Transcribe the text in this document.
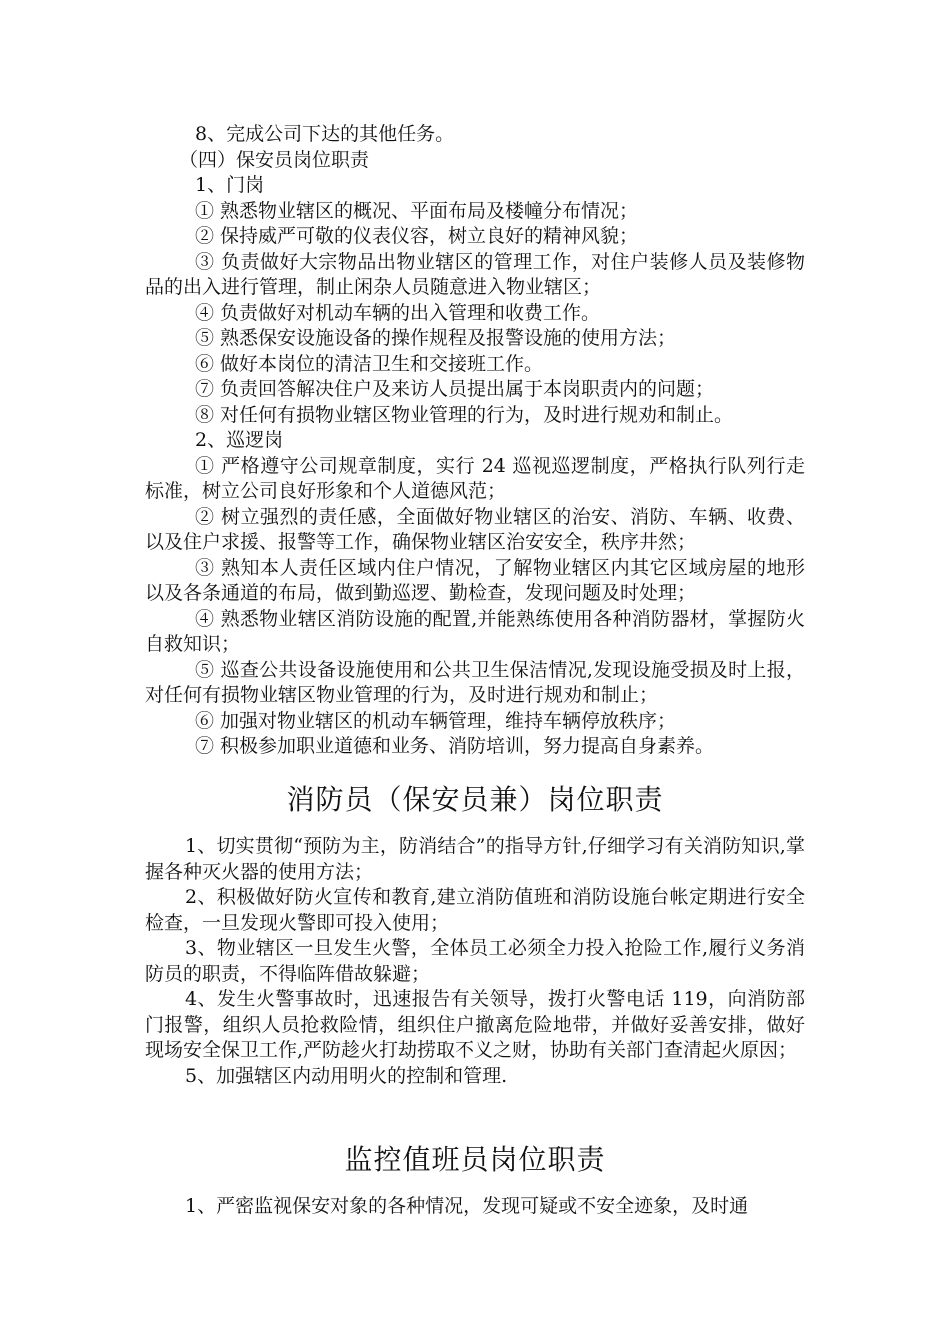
8、完成公司下达的其他任务。

（四）保安员岗位职责

1、门岗

① 熟悉物业辖区的概况、平面布局及楼幢分布情况；

② 保持威严可敬的仪表仪容，树立良好的精神风貌；

③ 负责做好大宗物品出物业辖区的管理工作，对住户装修人员及装修物品的出入进行管理，制止闲杂人员随意进入物业辖区；

④ 负责做好对机动车辆的出入管理和收费工作。

⑤ 熟悉保安设施设备的操作规程及报警设施的使用方法；

⑥ 做好本岗位的清洁卫生和交接班工作。

⑦ 负责回答解决住户及来访人员提出属于本岗职责内的问题；

⑧ 对任何有损物业辖区物业管理的行为，及时进行规劝和制止。

2、巡逻岗

① 严格遵守公司规章制度，实行 24 巡视巡逻制度，严格执行队列行走标准，树立公司良好形象和个人道德风范；

② 树立强烈的责任感，全面做好物业辖区的治安、消防、车辆、收费、以及住户求援、报警等工作，确保物业辖区治安安全，秩序井然；

③ 熟知本人责任区域内住户情况，了解物业辖区内其它区域房屋的地形以及各条通道的布局，做到勤巡逻、勤检查，发现问题及时处理；

④ 熟悉物业辖区消防设施的配置,并能熟练使用各种消防器材，掌握防火自救知识；

⑤ 巡查公共设备设施使用和公共卫生保洁情况,发现设施受损及时上报，对任何有损物业辖区物业管理的行为，及时进行规劝和制止；

⑥ 加强对物业辖区的机动车辆管理，维持车辆停放秩序；

⑦ 积极参加职业道德和业务、消防培训，努力提高自身素养。

消防员（保安员兼）岗位职责

1、切实贯彻“预防为主，防消结合”的指导方针,仔细学习有关消防知识,掌握各种灭火器的使用方法；

2、积极做好防火宣传和教育,建立消防值班和消防设施台帐定期进行安全检查，一旦发现火警即可投入使用；

3、物业辖区一旦发生火警，全体员工必须全力投入抢险工作,履行义务消防员的职责，不得临阵借故躲避；

4、发生火警事故时，迅速报告有关领导，拨打火警电话 119，向消防部门报警，组织人员抢救险情，组织住户撤离危险地带，并做好妥善安排，做好现场安全保卫工作,严防趁火打劫捞取不义之财，协助有关部门查清起火原因；

5、加强辖区内动用明火的控制和管理.

监控值班员岗位职责

1、严密监视保安对象的各种情况，发现可疑或不安全迹象，及时通
